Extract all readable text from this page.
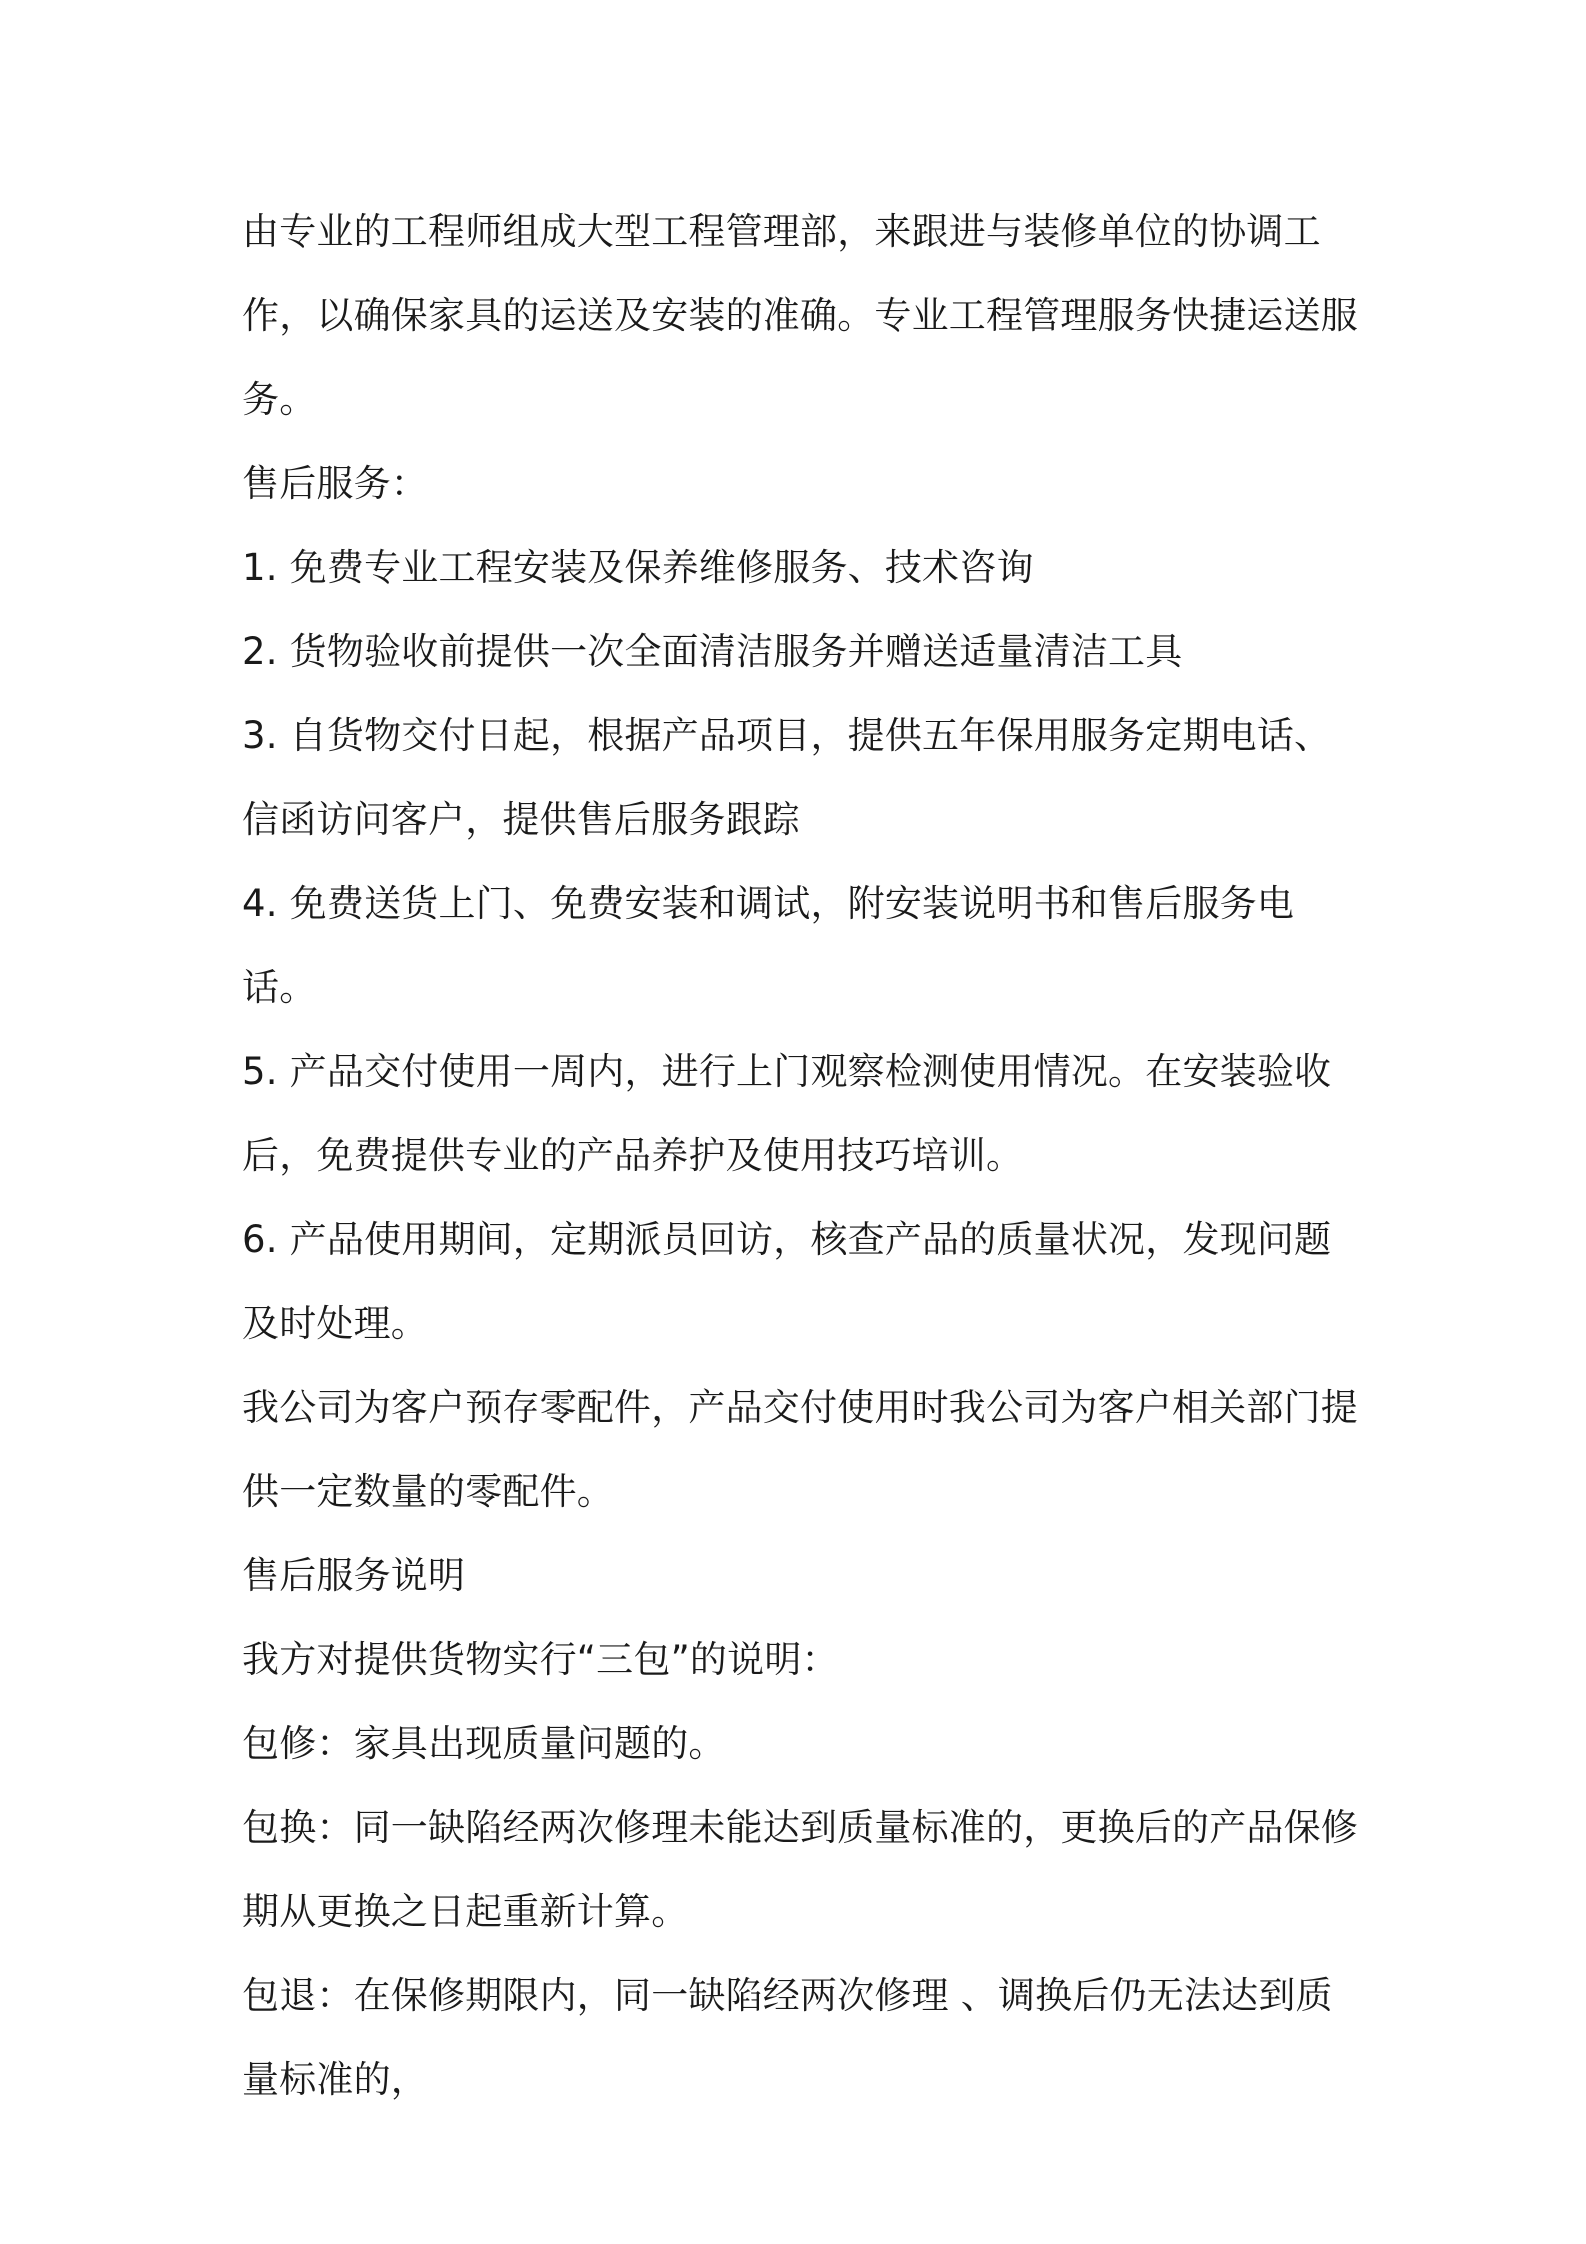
由专业的工程师组成大型工程管理部，来跟进与装修单位的协调工作，以确保家具的运送及安装的准确。专业工程管理服务快捷运送服务。

售后服务：

1. 免费专业工程安装及保养维修服务、技术咨询

2. 货物验收前提供一次全面清洁服务并赠送适量清洁工具

3. 自货物交付日起，根据产品项目，提供五年保用服务定期电话、信函访问客户，提供售后服务跟踪

4. 免费送货上门、免费安装和调试，附安装说明书和售后服务电话。

5. 产品交付使用一周内，进行上门观察检测使用情况。在安装验收后，免费提供专业的产品养护及使用技巧培训。

6. 产品使用期间，定期派员回访，核查产品的质量状况，发现问题及时处理。

我公司为客户预存零配件，产品交付使用时我公司为客户相关部门提供一定数量的零配件。

售后服务说明

我方对提供货物实行“三包”的说明：

包修：家具出现质量问题的。

包换：同一缺陷经两次修理未能达到质量标准的，更换后的产品保修期从更换之日起重新计算。

包退：在保修期限内，同一缺陷经两次修理 、调换后仍无法达到质量标准的，
